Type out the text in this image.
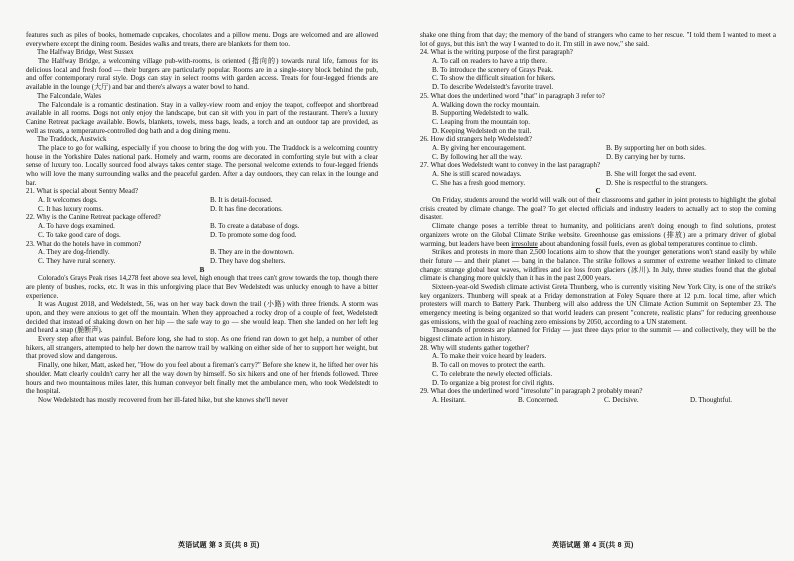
features such as piles of books, homemade cupcakes, chocolates and a pillow menu. Dogs are welcomed and are allowed everywhere except the dining room. Besides walks and treats, there are blankets for them too.

The Halfway Bridge, West Sussex

The Halfway Bridge, a welcoming village pub-with-rooms, is oriented (指向的) towards rural life, famous for its delicious local and fresh food — their burgers are particularly popular. Rooms are in a single-story block behind the pub, and offer contemporary rural style. Dogs can stay in select rooms with garden access. Treats for four-legged friends are available in the lounge (大厅) and bar and there's always a water bowl to hand.

The Falcondale, Wales

The Falcondale is a romantic destination. Stay in a valley-view room and enjoy the teapot, coffeepot and shortbread available in all rooms. Dogs not only enjoy the landscape, but can sit with you in part of the restaurant. There's a luxury Canine Retreat package available. Bowls, blankets, towels, mess bags, leads, a torch and an outdoor tap are provided, as well as treats, a temperature-controlled dog bath and a dog dining menu.

The Traddock, Austwick

The place to go for walking, especially if you choose to bring the dog with you. The Traddock is a welcoming country house in the Yorkshire Dales national park. Homely and warm, rooms are decorated in comforting style but with a clear sense of luxury too. Locally sourced food always takes center stage. The personal welcome extends to four-legged friends who will love the many surrounding walks and the peaceful garden. After a day outdoors, they can relax in the lounge and bar.

21. What is special about Sentry Mead?

A. It welcomes dogs.	B. It is detail-focused.
C. It has luxury rooms.	D. It has fine decorations.

22. Why is the Canine Retreat package offered?

A. To have dogs examined.	B. To create a database of dogs.
C. To take good care of dogs.	D. To promote some dog food.

23. What do the hotels have in common?

A. They are dog-friendly.	B. They are in the downtown.
C. They have rural scenery.	D. They have dog shelters.

B

Colorado's Grays Peak rises 14,278 feet above sea level, high enough that trees can't grow towards the top, though there are plenty of bushes, rocks, etc. It was in this unforgiving place that Bev Wedelstedt was unlucky enough to have a bitter experience.

It was August 2018, and Wedelstedt, 56, was on her way back down the trail (小路) with three friends. A storm was upon, and they were anxious to get off the mountain. When they approached a rocky drop of a couple of feet, Wedelstedt decided that instead of shaking down on her hip — the safe way to go — she would leap. Then she landed on her left leg and heard a snap (脆断声).

Every step after that was painful. Before long, she had to stop. As one friend ran down to get help, a number of other hikers, all strangers, attempted to help her down the narrow trail by walking on either side of her to support her weight, but that proved slow and dangerous.

Finally, one hiker, Matt, asked her, "How do you feel about a fireman's carry?" Before she knew it, he lifted her over his shoulder. Matt clearly couldn't carry her all the way down by himself. So six hikers and one of her friends followed. Three hours and two mountainous miles later, this human conveyor belt finally met the ambulance men, who took Wedelstedt to the hospital.

Now Wedelstedt has mostly recovered from her ill-fated hike, but she knows she'll never

shake one thing from that day; the memory of the band of strangers who came to her rescue. "I told them I wanted to meet a lot of guys, but this isn't the way I wanted to do it. I'm still in awe now," she said.

24. What is the writing purpose of the first paragraph?

A. To call on readers to have a trip there.

B. To introduce the scenery of Grays Peak.

C. To show the difficult situation for hikers.

D. To describe Wedelstedt's favorite travel.

25. What does the underlined word "that" in paragraph 3 refer to?

A. Walking down the rocky mountain.

B. Supporting Wedelstedt to walk.

C. Leaping from the mountain top.

D. Keeping Wedelstedt on the trail.

26. How did strangers help Wedelstedt?

A. By giving her encouragement.	B. By supporting her on both sides.
C. By following her all the way.	D. By carrying her by turns.

27. What does Wedelstedt want to convey in the last paragraph?

A. She is still scared nowadays.	B. She will forget the sad event.
C. She has a fresh good memory.	D. She is respectful to the strangers.

C

On Friday, students around the world will walk out of their classrooms and gather in joint protests to highlight the global crisis created by climate change. The goal? To get elected officials and industry leaders to actually act to stop the coming disaster.

Climate change poses a terrible threat to humanity, and politicians aren't doing enough to find solutions, protest organizers wrote on the Global Climate Strike website. Greenhouse gas emissions (排放) are a primary driver of global warming, but leaders have been irresolute about abandoning fossil fuels, even as global temperatures continue to climb.

Strikes and protests in more than 2,500 locations aim to show that the younger generations won't stand easily by while their future — and their planet — bang in the balance. The strike follows a summer of extreme weather linked to climate change: strange global heat waves, wildfires and ice loss from glaciers (冰川). In July, three studies found that the global climate is changing more quickly than it has in the past 2,000 years.

Sixteen-year-old Swedish climate activist Greta Thunberg, who is currently visiting New York City, is one of the strike's key organizers. Thunberg will speak at a Friday demonstration at Foley Square there at 12 p.m. local time, after which protesters will march to Battery Park. Thunberg will also address the UN Climate Action Summit on September 23. The emergency meeting is being organized so that world leaders can present "concrete, realistic plans" for reducing greenhouse gas emissions, with the goal of reaching zero emissions by 2050, according to a UN statement.

Thousands of protests are planned for Friday — just three days prior to the summit — and collectively, they will be the biggest climate action in history.

28. Why will students gather together?

A. To make their voice heard by leaders.

B. To call on moves to protect the earth.

C. To celebrate the newly elected officials.

D. To organize a big protest for civil rights.

29. What does the underlined word "irresolute" in paragraph 2 probably mean?

A. Hesitant.	B. Concerned.	C. Decisive.	D. Thoughtful.
英语试题 第 3 页(共 8 页)	英语试题 第 4 页(共 8 页)
